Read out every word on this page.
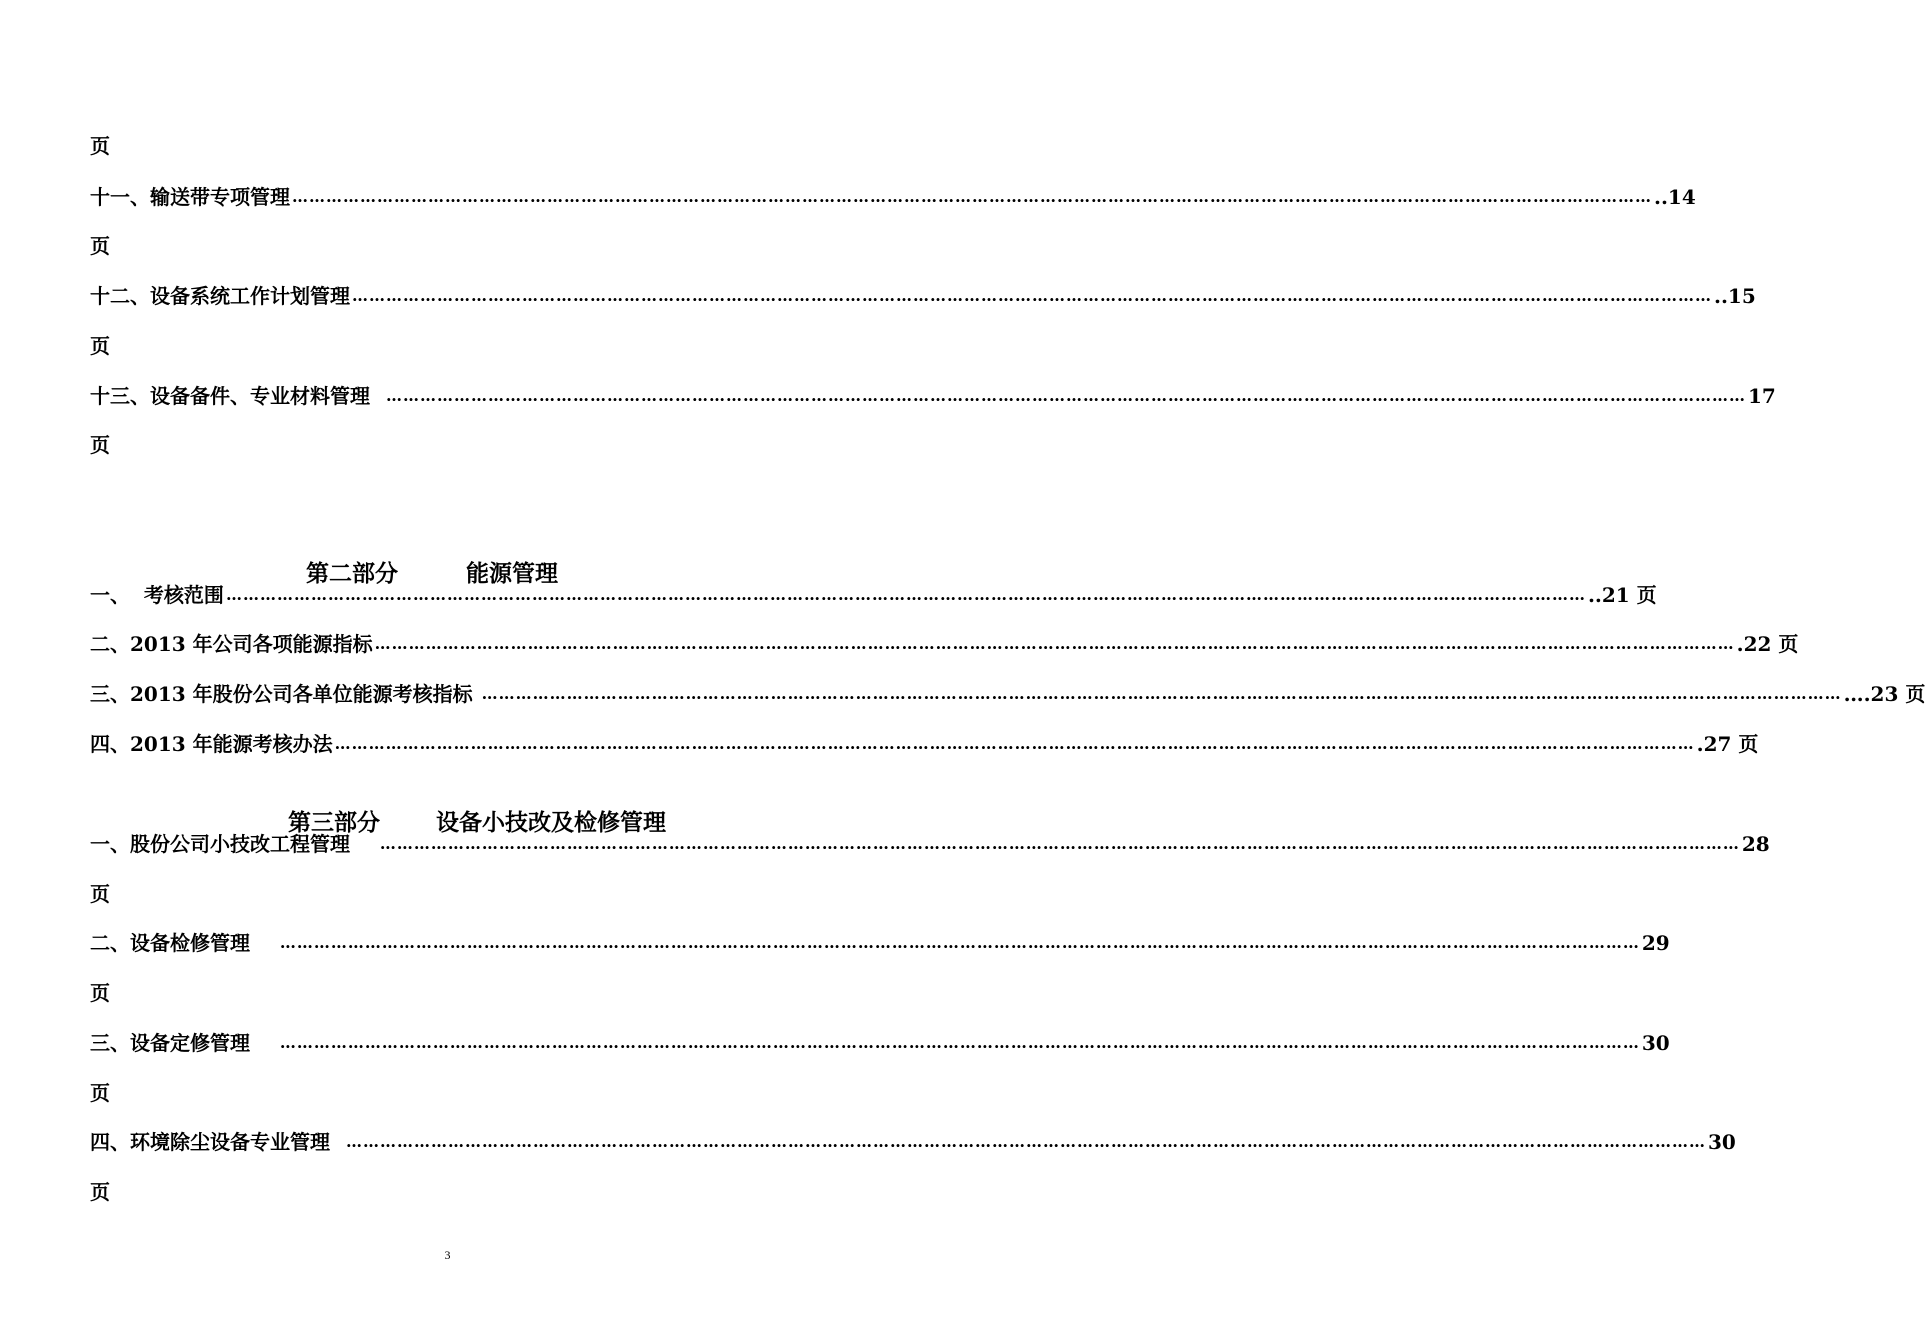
页
十一、输送带专项管理 …………………………………………………………………………………………………………………………………………………………………………………………………………………… ..14
页
十二、设备系统工作计划管理 …………………………………………………………………………………………………………………………………………………………………………………………………………………… ..15
页
十三、设备备件、专业材料管理 …………………………………………………………………………………………………………………………………………………………………………………………………………………… 17
页

第二部分	能源管理

一、  考核范围 …………………………………………………………………………………………………………………………………………………………………………………………………………………… ..21 页
二、2013 年公司各项能源指标 …………………………………………………………………………………………………………………………………………………………………………………………………………………… .22 页
三、2013 年股份公司各单位能源考核指标 …………………………………………………………………………………………………………………………………………………………………………………………………………………… ….23 页
四、2013 年能源考核办法 …………………………………………………………………………………………………………………………………………………………………………………………………………………… .27 页

第三部分 设备小技改及检修管理

一、股份公司小技改工程管理 …………………………………………………………………………………………………………………………………………………………………………………………………………………… 28
页
二、设备检修管理 …………………………………………………………………………………………………………………………………………………………………………………………………………………… 29
页
三、设备定修管理 …………………………………………………………………………………………………………………………………………………………………………………………………………………… 30
页
四、环境除尘设备专业管理 …………………………………………………………………………………………………………………………………………………………………………………………………………………… 30
页
3
